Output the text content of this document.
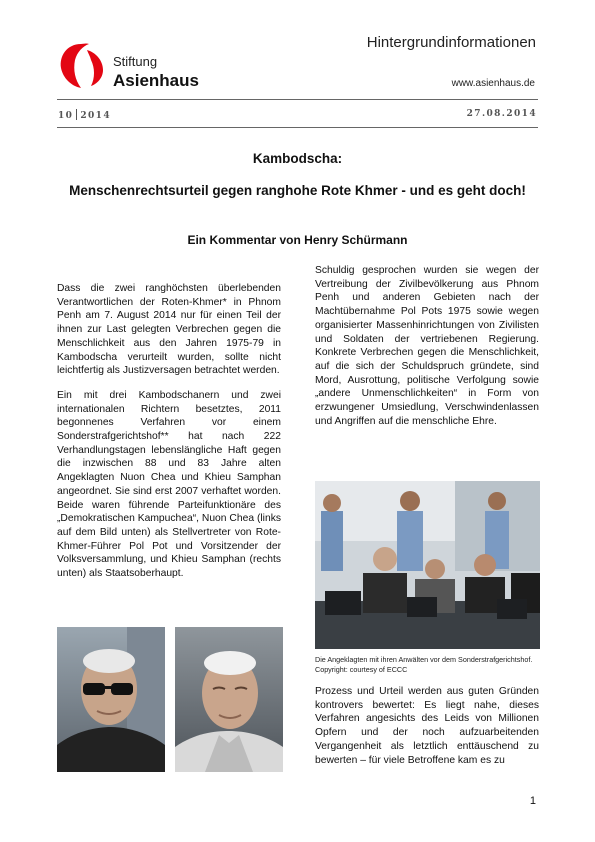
Stiftung
Asienhaus
Hintergrundinformationen
www.asienhaus.de
10 2014	27.08.2014
Kambodscha:
Menschenrechtsurteil gegen ranghohe Rote Khmer - und es geht doch!
Ein Kommentar von Henry Schürmann

Dass die zwei ranghöchsten überlebenden Verantwortlichen der Roten-Khmer* in Phnom Penh am 7. August 2014 nur für einen Teil der ihnen zur Last gelegten Verbrechen gegen die Menschlichkeit aus den Jahren 1975-79 in Kambodscha verurteilt wurden, sollte nicht leichtfertig als Justizversagen betrachtet werden.

Ein mit drei Kambodschanern und zwei internationalen Richtern besetztes, 2011 begonnenes Verfahren vor einem Sonderstrafgerichtshof** hat nach 222 Verhandlungstagen lebenslängliche Haft gegen die inzwischen 88 und 83 Jahre alten Angeklagten Nuon Chea und Khieu Samphan angeordnet. Sie sind erst 2007 verhaftet worden. Beide waren führende Parteifunktionäre des „Demokratischen Kampuchea“, Nuon Chea (links auf dem Bild unten) als Stellvertreter von Rote-Khmer-Führer Pol Pot und Vorsitzender der Volksversammlung, und Khieu Samphan (rechts unten) als Staatsoberhaupt.

Schuldig gesprochen wurden sie wegen der Vertreibung der Zivilbevölkerung aus Phnom Penh und anderen Gebieten nach der Machtübernahme Pol Pots 1975 sowie wegen organisierter Massenhinrichtungen von Zivilisten und Soldaten der vertriebenen Regierung. Konkrete Verbrechen gegen die Menschlichkeit, auf die sich der Schuldspruch gründete, sind Mord, Ausrottung, politische Verfolgung sowie „andere Unmenschlichkeiten“ in Form von erzwungener Umsiedlung, Verschwindenlassen und Angriffen auf die menschliche Ehre.

Die Angeklagten mit ihren Anwälten vor dem Sonderstrafgerichtshof. Copyright: courtesy of ECCC

Prozess und Urteil werden aus guten Gründen kontrovers bewertet: Es liegt nahe, dieses Verfahren angesichts des Leids von Millionen Opfern und der noch aufzuarbeitenden Vergangenheit als letztlich enttäuschend zu bewerten – für viele Betroffene kam es zu

1
